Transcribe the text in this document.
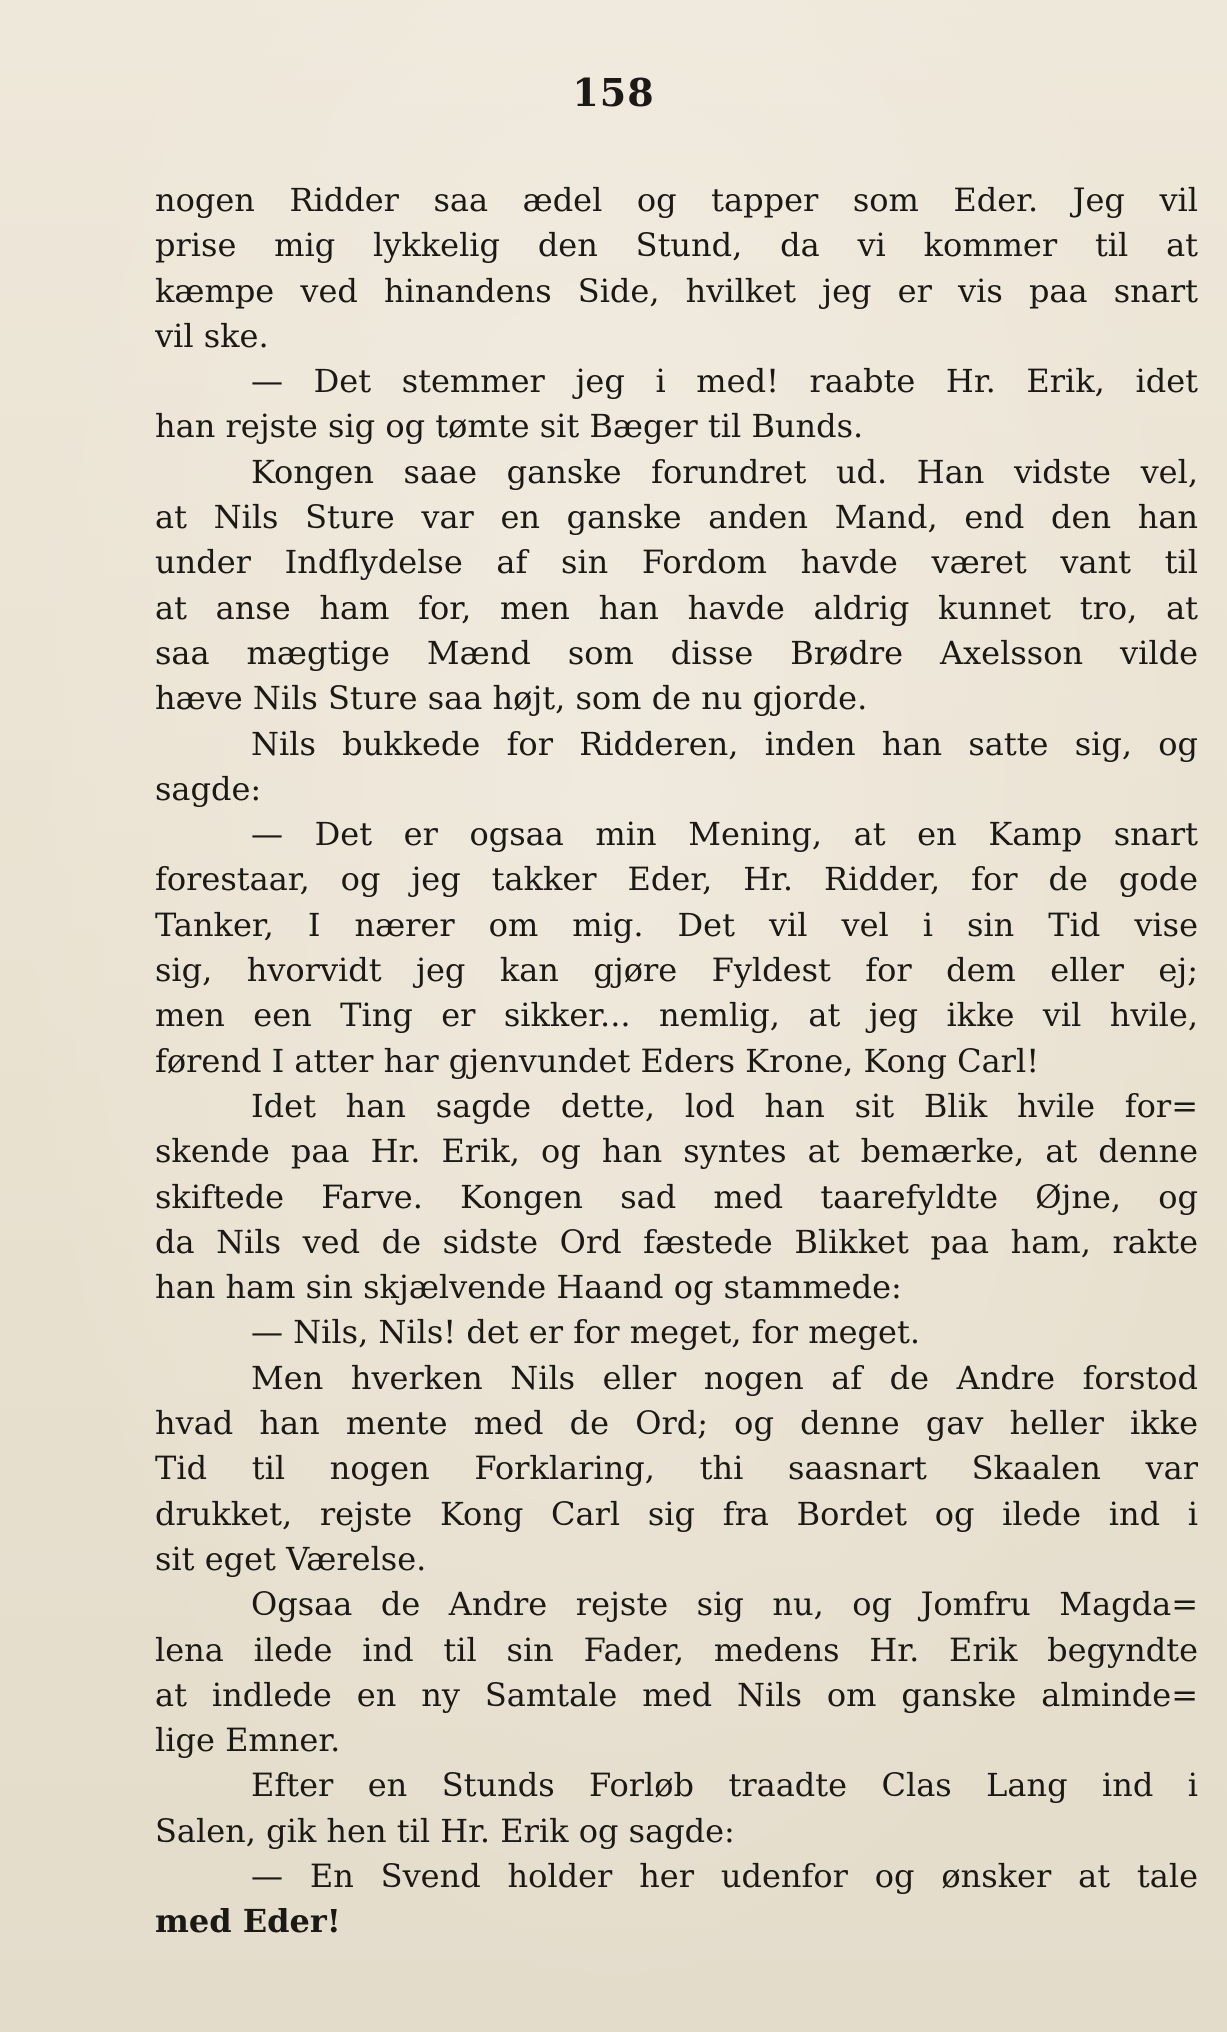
158
nogen Ridder saa ædel og tapper som Eder. Jeg vil
prise mig lykkelig den Stund, da vi kommer til at
kæmpe ved hinandens Side, hvilket jeg er vis paa snart
vil ske.
— Det stemmer jeg i med! raabte Hr. Erik, idet
han rejste sig og tømte sit Bæger til Bunds.
Kongen saae ganske forundret ud. Han vidste vel,
at Nils Sture var en ganske anden Mand, end den han
under Indflydelse af sin Fordom havde været vant til
at anse ham for, men han havde aldrig kunnet tro, at
saa mægtige Mænd som disse Brødre Axelsson vilde
hæve Nils Sture saa højt, som de nu gjorde.
Nils bukkede for Ridderen, inden han satte sig, og
sagde:
— Det er ogsaa min Mening, at en Kamp snart
forestaar, og jeg takker Eder, Hr. Ridder, for de gode
Tanker, I nærer om mig. Det vil vel i sin Tid vise
sig, hvorvidt jeg kan gjøre Fyldest for dem eller ej;
men een Ting er sikker... nemlig, at jeg ikke vil hvile,
førend I atter har gjenvundet Eders Krone, Kong Carl!
Idet han sagde dette, lod han sit Blik hvile for=
skende paa Hr. Erik, og han syntes at bemærke, at denne
skiftede Farve. Kongen sad med taarefyldte Øjne, og
da Nils ved de sidste Ord fæstede Blikket paa ham, rakte
han ham sin skjælvende Haand og stammede:
— Nils, Nils! det er for meget, for meget.
Men hverken Nils eller nogen af de Andre forstod
hvad han mente med de Ord; og denne gav heller ikke
Tid til nogen Forklaring, thi saasnart Skaalen var
drukket, rejste Kong Carl sig fra Bordet og ilede ind i
sit eget Værelse.
Ogsaa de Andre rejste sig nu, og Jomfru Magda=
lena ilede ind til sin Fader, medens Hr. Erik begyndte
at indlede en ny Samtale med Nils om ganske alminde=
lige Emner.
Efter en Stunds Forløb traadte Clas Lang ind i
Salen, gik hen til Hr. Erik og sagde:
— En Svend holder her udenfor og ønsker at tale
med Eder!
